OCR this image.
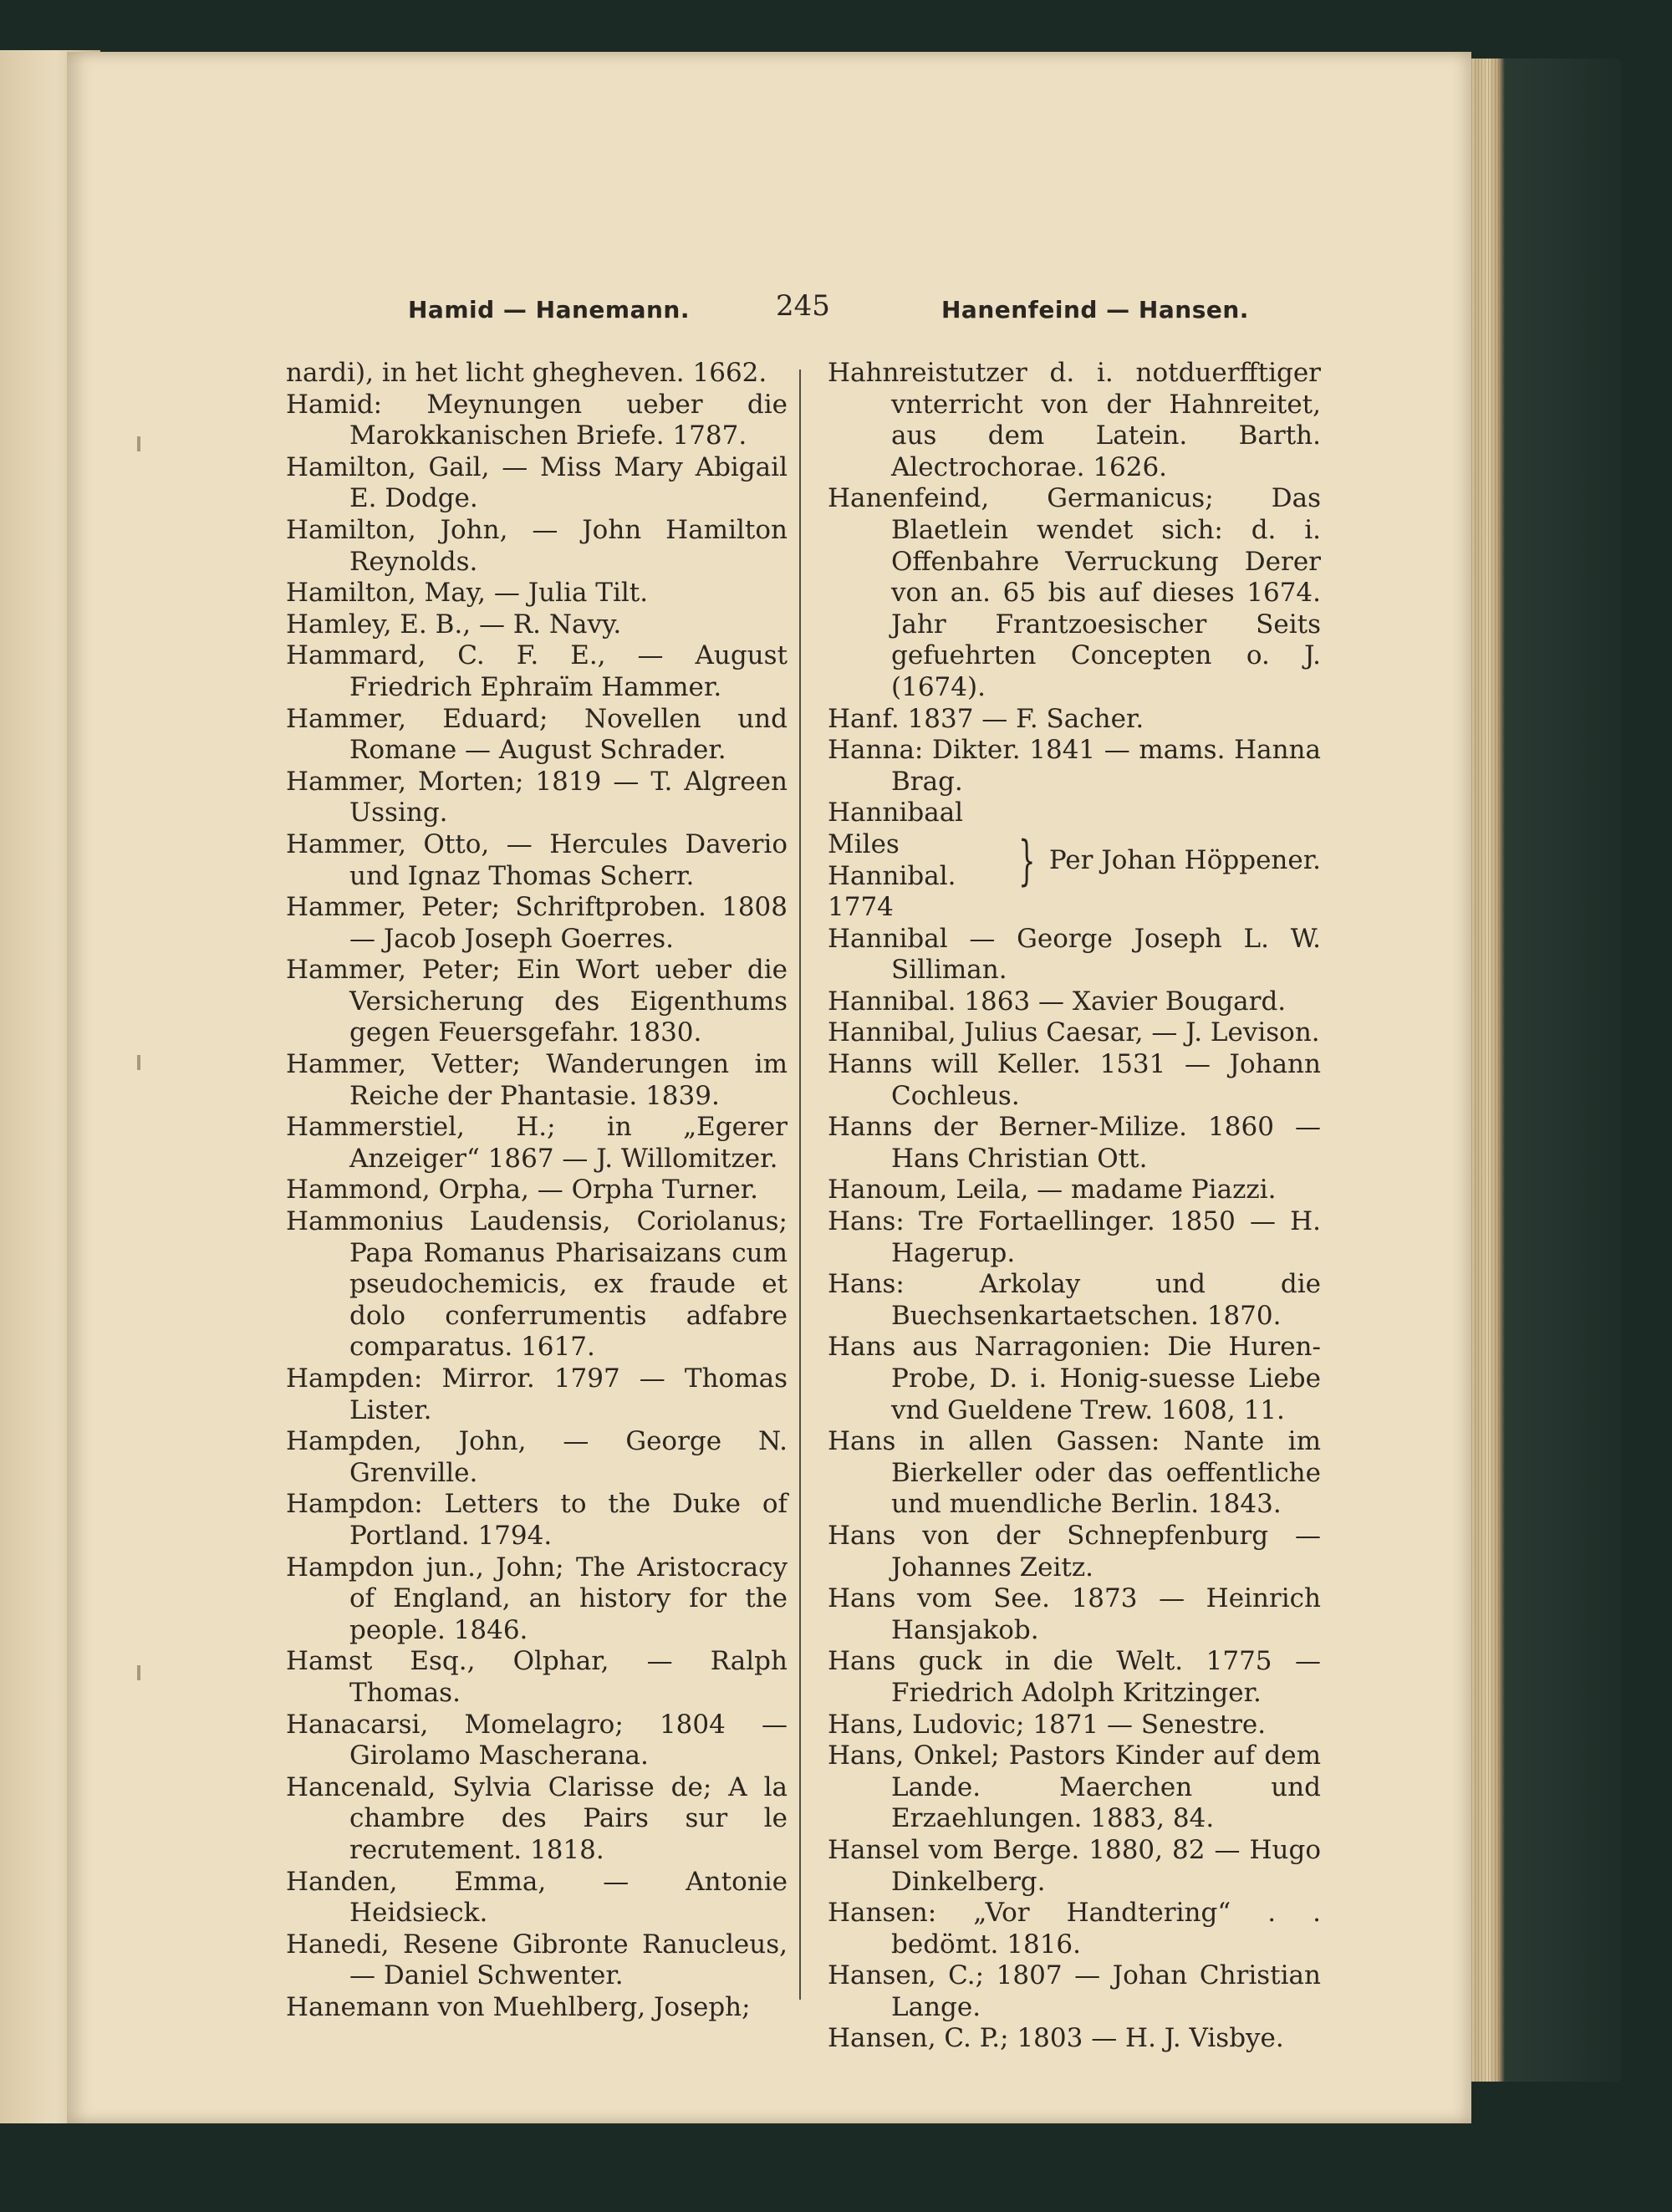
Hamid — Hanemann.	245	Hanenfeind — Hansen.

nardi), in het licht ghegheven. 1662.

Hamid: Meynungen ueber die Marokkanischen Briefe. 1787.

Hamilton, Gail, — Miss Mary Abigail E. Dodge.

Hamilton, John, — John Hamilton Reynolds.

Hamilton, May, — Julia Tilt.

Hamley, E. B., — R. Navy.

Hammard, C. F. E., — August Friedrich Ephraïm Hammer.

Hammer, Eduard; Novellen und Romane — August Schrader.

Hammer, Morten; 1819 — T. Algreen Ussing.

Hammer, Otto, — Hercules Daverio und Ignaz Thomas Scherr.

Hammer, Peter; Schriftproben. 1808 — Jacob Joseph Goerres.

Hammer, Peter; Ein Wort ueber die Versicherung des Eigenthums gegen Feuersgefahr. 1830.

Hammer, Vetter; Wanderungen im Reiche der Phantasie. 1839.

Hammerstiel, H.; in „Egerer Anzeiger“ 1867 — J. Willomitzer.

Hammond, Orpha, — Orpha Turner.

Hammonius Laudensis, Coriolanus; Papa Romanus Pharisaizans cum pseudochemicis, ex fraude et dolo conferrumentis adfabre comparatus. 1617.

Hampden: Mirror. 1797 — Thomas Lister.

Hampden, John, — George N. Grenville.

Hampdon: Letters to the Duke of Portland. 1794.

Hampdon jun., John; The Aristocracy of England, an history for the people. 1846.

Hamst Esq., Olphar, — Ralph Thomas.

Hanacarsi, Momelagro; 1804 — Girolamo Mascherana.

Hancenald, Sylvia Clarisse de; A la chambre des Pairs sur le recrutement. 1818.

Handen, Emma, — Antonie Heidsieck.

Hanedi, Resene Gibronte Ranucleus, — Daniel Schwenter.

Hanemann von Muehlberg, Joseph;

Hahnreistutzer d. i. notduerfftiger vnterricht von der Hahnreitet, aus dem Latein. Barth. Alectrochorae. 1626.

Hanenfeind, Germanicus; Das Blaetlein wendet sich: d. i. Offenbahre Verruckung Derer von an. 65 bis auf dieses 1674. Jahr Frantzoesischer Seits gefuehrten Concepten o. J. (1674).

Hanf. 1837 — F. Sacher.

Hanna: Dikter. 1841 — mams. Hanna Brag.

Hannibaal Miles
Hannibal. 1774
} Per Johan Höppener.

Hannibal — George Joseph L. W. Silliman.

Hannibal. 1863 — Xavier Bougard.

Hannibal, Julius Caesar, — J. Levison.

Hanns will Keller. 1531 — Johann Cochleus.

Hanns der Berner-Milize. 1860 — Hans Christian Ott.

Hanoum, Leila, — madame Piazzi.

Hans: Tre Fortaellinger. 1850 — H. Hagerup.

Hans: Arkolay und die Buechsenkartaetschen. 1870.

Hans aus Narragonien: Die Huren-Probe, D. i. Honig-suesse Liebe vnd Gueldene Trew. 1608, 11.

Hans in allen Gassen: Nante im Bierkeller oder das oeffentliche und muendliche Berlin. 1843.

Hans von der Schnepfenburg — Johannes Zeitz.

Hans vom See. 1873 — Heinrich Hansjakob.

Hans guck in die Welt. 1775 — Friedrich Adolph Kritzinger.

Hans, Ludovic; 1871 — Senestre.

Hans, Onkel; Pastors Kinder auf dem Lande. Maerchen und Erzaehlungen. 1883, 84.

Hansel vom Berge. 1880, 82 — Hugo Dinkelberg.

Hansen: „Vor Handtering“ . . bedömt. 1816.

Hansen, C.; 1807 — Johan Christian Lange.

Hansen, C. P.; 1803 — H. J. Visbye.
